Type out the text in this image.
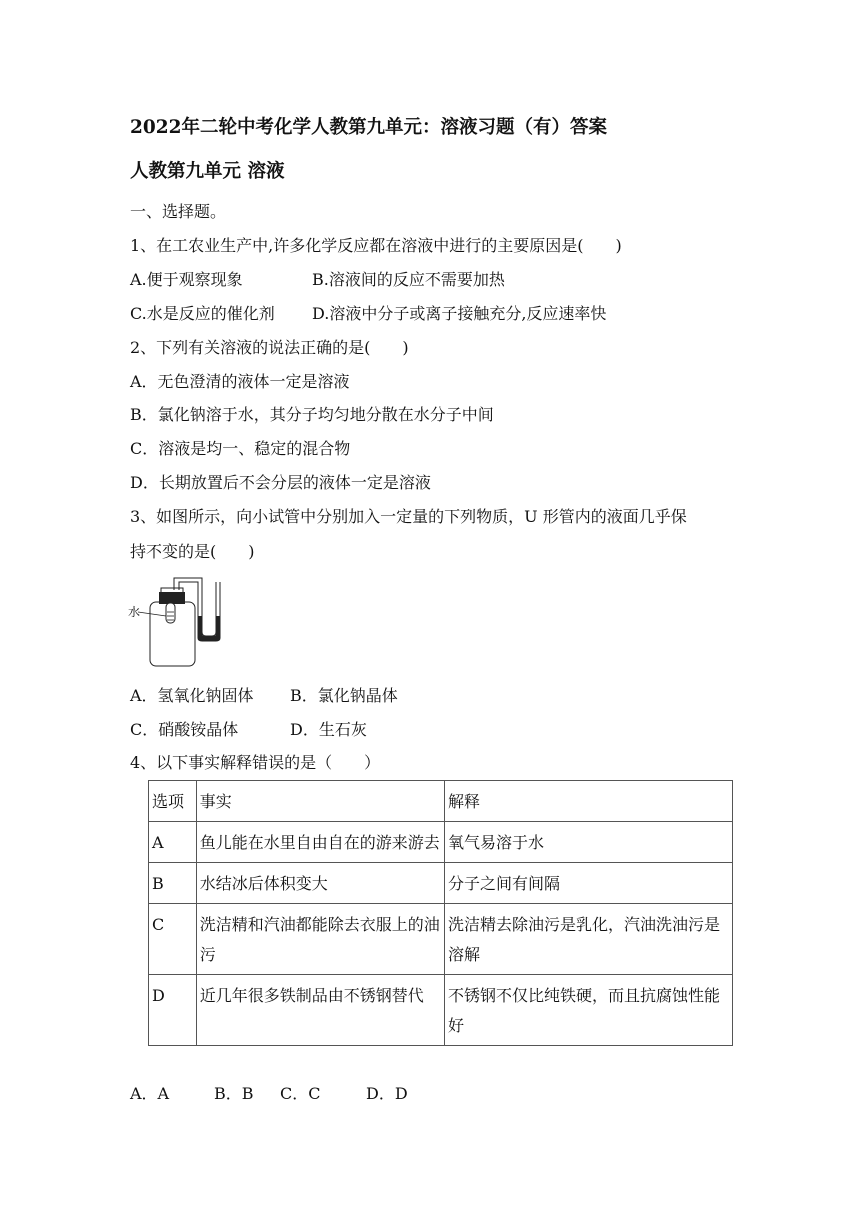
2022年二轮中考化学人教第九单元：溶液习题（有）答案
人教第九单元 溶液
一、选择题。
1、在工农业生产中,许多化学反应都在溶液中进行的主要原因是(　　)
A.便于观察现象	B.溶液间的反应不需要加热
C.水是反应的催化剂 D.溶液中分子或离子接触充分,反应速率快
2、下列有关溶液的说法正确的是(　　)
A．无色澄清的液体一定是溶液
B．氯化钠溶于水，其分子均匀地分散在水分子中间
C．溶液是均一、稳定的混合物
D．长期放置后不会分层的液体一定是溶液
3、如图所示，向小试管中分别加入一定量的下列物质，U 形管内的液面几乎保
持不变的是(　　)
水
A．氢氧化钠固体 B．氯化钠晶体
C．硝酸铵晶体	D．生石灰
4、以下事实解释错误的是（　　）
选项	事实	解释
A	鱼儿能在水里自由自在的游来游去	氧气易溶于水
B	水结冰后体积变大	分子之间有间隔
C	洗洁精和汽油都能除去衣服上的油污	洗洁精去除油污是乳化，汽油洗油污是溶解
D	近几年很多铁制品由不锈钢替代	不锈钢不仅比纯铁硬，而且抗腐蚀性能好
A．A	B．B C．C	D．D
